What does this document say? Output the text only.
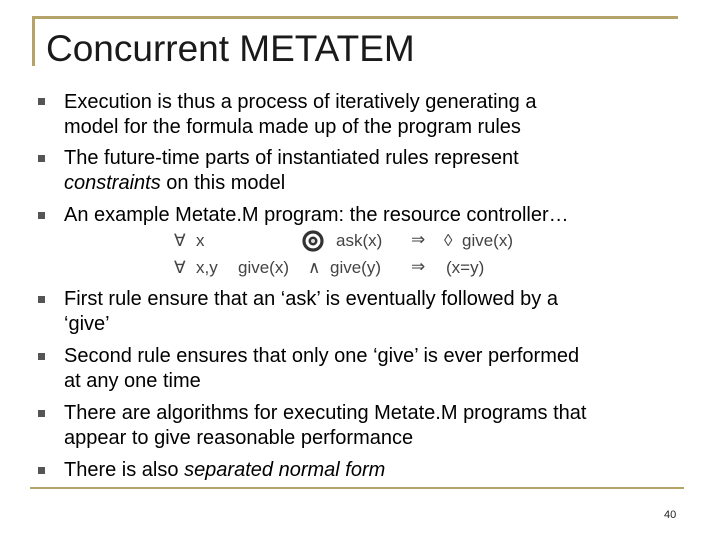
Concurrent METATEM
Execution is thus a process of iteratively generating a
model for the formula made up of the program rules
The future-time parts of instantiated rules represent
constraints on this model
An example Metate.M program: the resource controller…
∀ x	ask(x) ⇒ ◊ give(x)
∀ x,y give(x) ∧ give(y) ⇒ (x=y)
First rule ensure that an ‘ask’ is eventually followed by a
‘give’
Second rule ensures that only one ‘give’ is ever performed
at any one time
There are algorithms for executing Metate.M programs that
appear to give reasonable performance
There is also separated normal form
40
